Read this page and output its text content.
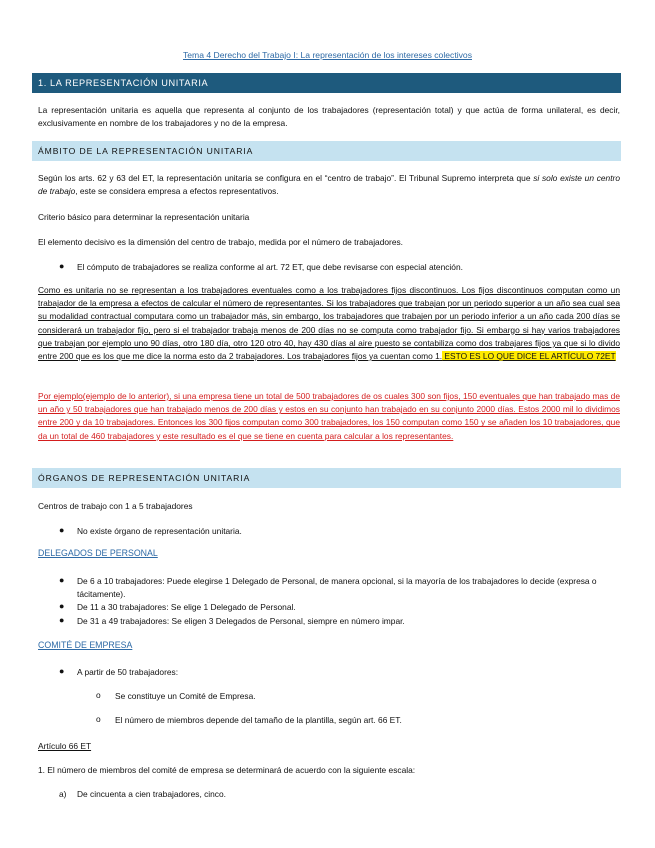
Tema 4 Derecho del Trabajo I: La representación de los intereses colectivos
1. LA REPRESENTACIÓN UNITARIA
La representación unitaria es aquella que representa al conjunto de los trabajadores (representación total) y que actúa de forma unilateral, es decir, exclusivamente en nombre de los trabajadores y no de la empresa.
ÁMBITO DE LA REPRESENTACIÓN UNITARIA
Según los arts. 62 y 63 del ET, la representación unitaria se configura en el “centro de trabajo”. El Tribunal Supremo interpreta que si solo existe un centro de trabajo, este se considera empresa a efectos representativos.
Criterio básico para determinar la representación unitaria
El elemento decisivo es la dimensión del centro de trabajo, medida por el número de trabajadores.
● El cómputo de trabajadores se realiza conforme al art. 72 ET, que debe revisarse con especial atención.
Como es unitaria no se representan a los trabajadores eventuales como a los trabajadores fijos discontinuos. Los fijos discontinuos computan como un trabajador de la empresa a efectos de calcular el número de representantes. Si los trabajadores que trabajan por un periodo superior a un año sea cual sea su modalidad contractual computara como un trabajador más, sin embargo, los trabajadores que trabajen por un periodo inferior a un año cada 200 días se considerará un trabajador fijo, pero si el trabajador trabaja menos de 200 días no se computa como trabajador fijo. Si embargo si hay varios trabajadores que trabajan por ejemplo uno 90 días, otro 180 día, otro 120 otro 40, hay 430 días al aire puesto se contabiliza como dos trabajares fijos ya que si lo divido entre 200 que es los que me dice la norma esto da 2 trabajadores. Los trabajadores fijos ya cuentan como 1. ESTO ES LO QUE DICE EL ARTÍCULO 72ET
Por ejemplo(ejemplo de lo anterior), si una empresa tiene un total de 500 trabajadores de os cuales 300 son fijos, 150 eventuales que han trabajado mas de un año y 50 trabajadores que han trabajado menos de 200 días y estos en su conjunto han trabajado en su conjunto 2000 días. Estos 2000 mil lo dividimos entre 200 y da 10 trabajadores. Entonces los 300 fijos computan como 300 trabajadores, los 150 computan como 150 y se añaden los 10 trabajadores, que da un total de 460 trabajadores y este resultado es el que se tiene en cuenta para calcular a los representantes.
ÓRGANOS DE REPRESENTACIÓN UNITARIA
Centros de trabajo con 1 a 5 trabajadores
● No existe órgano de representación unitaria.
DELEGADOS DE PERSONAL
● De 6 a 10 trabajadores: Puede elegirse 1 Delegado de Personal, de manera opcional, si la mayoría de los trabajadores lo decide (expresa o tácitamente).
● De 11 a 30 trabajadores: Se elige 1 Delegado de Personal.
● De 31 a 49 trabajadores: Se eligen 3 Delegados de Personal, siempre en número impar.
COMITÉ DE EMPRESA
● A partir de 50 trabajadores:
o Se constituye un Comité de Empresa.
o El número de miembros depende del tamaño de la plantilla, según art. 66 ET.
Artículo 66 ET
1. El número de miembros del comité de empresa se determinará de acuerdo con la siguiente escala:
a) De cincuenta a cien trabajadores, cinco.
